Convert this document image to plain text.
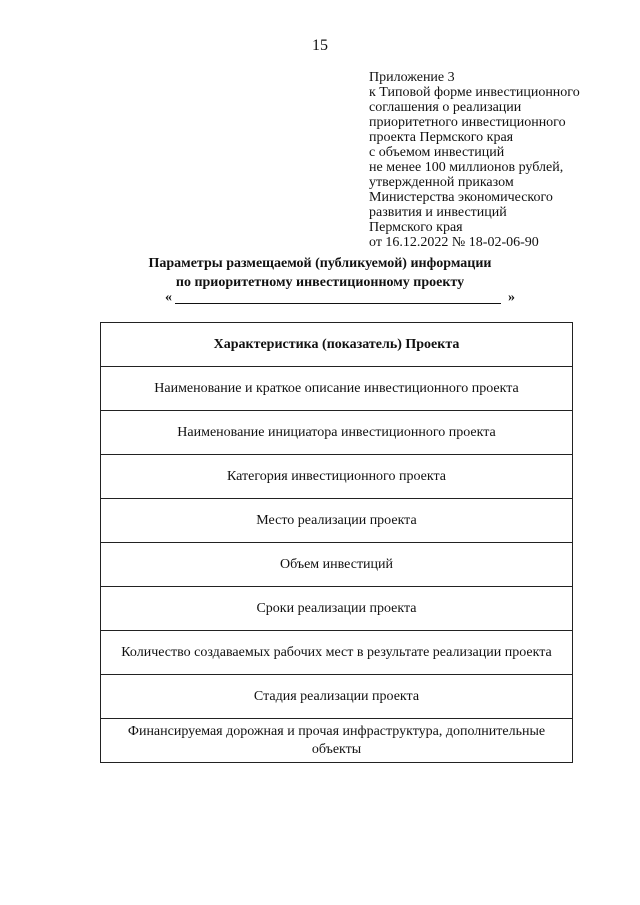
15
Приложение 3
к Типовой форме инвестиционного
соглашения о реализации
приоритетного инвестиционного
проекта Пермского края
с объемом инвестиций
не менее 100 миллионов рублей,
утвержденной приказом
Министерства экономического
развития и инвестиций
Пермского края
от 16.12.2022 № 18-02-06-90
Параметры размещаемой (публикуемой) информации
по приоритетному инвестиционному проекту
«	»
Характеристика (показатель) Проекта
Наименование и краткое описание инвестиционного проекта
Наименование инициатора инвестиционного проекта
Категория инвестиционного проекта
Место реализации проекта
Объем инвестиций
Сроки реализации проекта
Количество создаваемых рабочих мест в результате реализации проекта
Стадия реализации проекта
Финансируемая дорожная и прочая инфраструктура, дополнительные объекты
